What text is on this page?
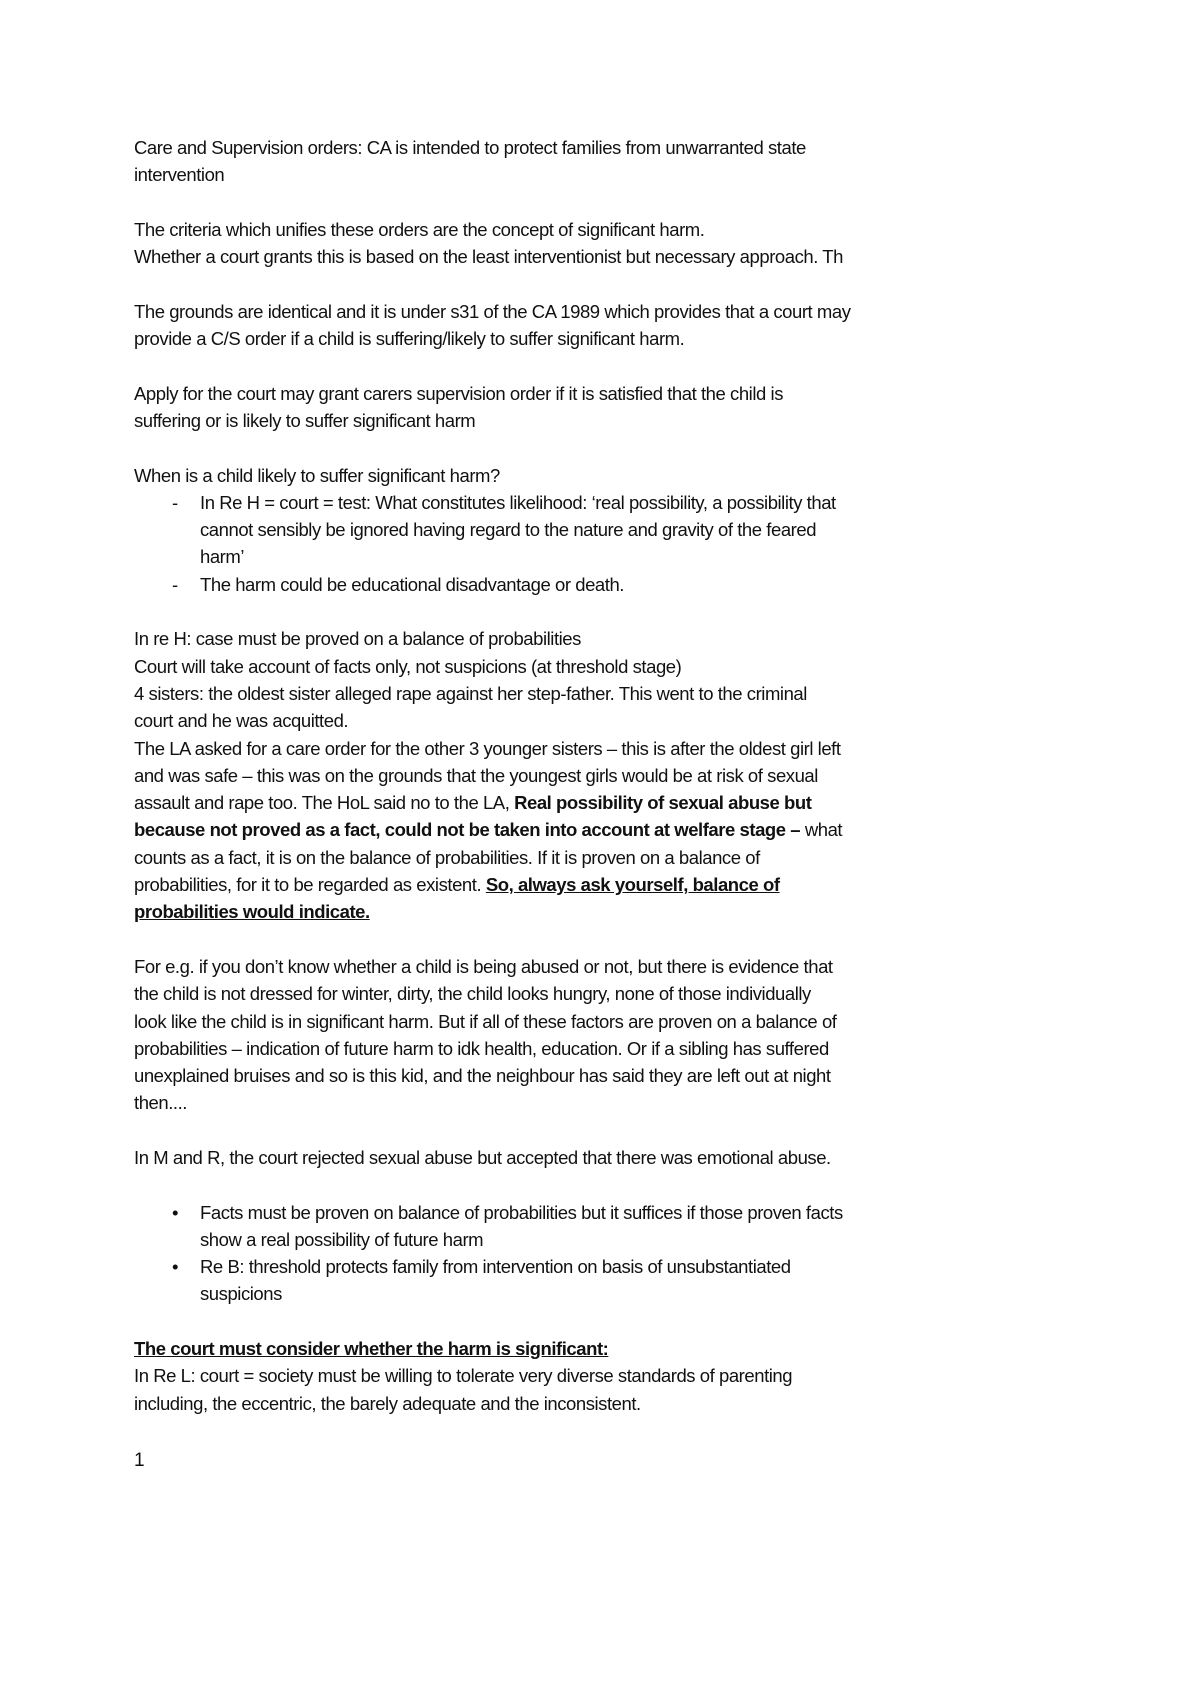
Care and Supervision orders: CA is intended to protect families from unwarranted state
intervention
The criteria which unifies these orders are the concept of significant harm.
Whether a court grants this is based on the least interventionist but necessary approach. Th
The grounds are identical and it is under s31 of the CA 1989 which provides that a court may
provide a C/S order if a child is suffering/likely to suffer significant harm.
Apply for the court may grant carers supervision order if it is satisfied that the child is
suffering or is likely to suffer significant harm
When is a child likely to suffer significant harm?
- In Re H = court = test: What constitutes likelihood: ‘real possibility, a possibility that
cannot sensibly be ignored having regard to the nature and gravity of the feared
harm’
- The harm could be educational disadvantage or death.
In re H: case must be proved on a balance of probabilities
Court will take account of facts only, not suspicions (at threshold stage)
4 sisters: the oldest sister alleged rape against her step-father. This went to the criminal
court and he was acquitted.
The LA asked for a care order for the other 3 younger sisters – this is after the oldest girl left
and was safe – this was on the grounds that the youngest girls would be at risk of sexual
assault and rape too. The HoL said no to the LA, Real possibility of sexual abuse but
because not proved as a fact, could not be taken into account at welfare stage – what
counts as a fact, it is on the balance of probabilities. If it is proven on a balance of
probabilities, for it to be regarded as existent. So, always ask yourself, balance of
probabilities would indicate.
For e.g. if you don’t know whether a child is being abused or not, but there is evidence that
the child is not dressed for winter, dirty, the child looks hungry, none of those individually
look like the child is in significant harm. But if all of these factors are proven on a balance of
probabilities – indication of future harm to idk health, education. Or if a sibling has suffered
unexplained bruises and so is this kid, and the neighbour has said they are left out at night
then....
In M and R, the court rejected sexual abuse but accepted that there was emotional abuse.
• Facts must be proven on balance of probabilities but it suffices if those proven facts
show a real possibility of future harm
• Re B: threshold protects family from intervention on basis of unsubstantiated
suspicions
The court must consider whether the harm is significant:
In Re L: court = society must be willing to tolerate very diverse standards of parenting
including, the eccentric, the barely adequate and the inconsistent.
1
